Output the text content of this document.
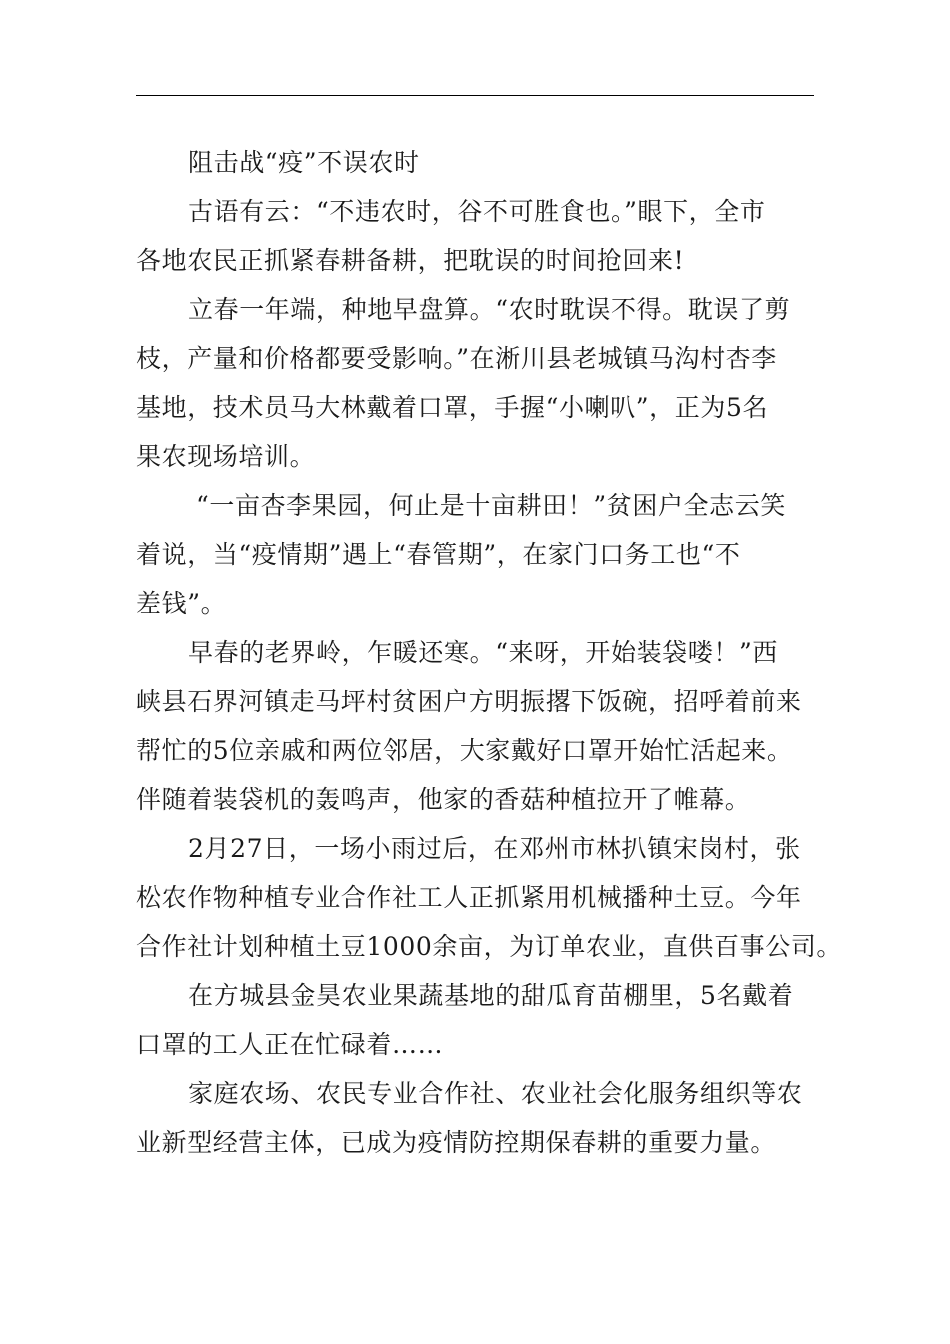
阻击战“疫”不误农时
古语有云：“不违农时，谷不可胜食也。”眼下，全市
各地农民正抓紧春耕备耕，把耽误的时间抢回来!
立春一年端，种地早盘算。“农时耽误不得。耽误了剪
枝，产量和价格都要受影响。”在淅川县老城镇马沟村杏李
基地，技术员马大林戴着口罩，手握“小喇叭”，正为5名
果农现场培训。
“一亩杏李果园，何止是十亩耕田！”贫困户全志云笑
着说，当“疫情期”遇上“春管期”，在家门口务工也“不
差钱”。
早春的老界岭，乍暖还寒。“来呀，开始装袋喽！”西
峡县石界河镇走马坪村贫困户方明振撂下饭碗，招呼着前来
帮忙的5位亲戚和两位邻居，大家戴好口罩开始忙活起来。
伴随着装袋机的轰鸣声，他家的香菇种植拉开了帷幕。
2月27日，一场小雨过后，在邓州市林扒镇宋岗村，张
松农作物种植专业合作社工人正抓紧用机械播种土豆。今年
合作社计划种植土豆1000余亩，为订单农业，直供百事公司。
在方城县金昊农业果蔬基地的甜瓜育苗棚里，5名戴着
口罩的工人正在忙碌着……
家庭农场、农民专业合作社、农业社会化服务组织等农
业新型经营主体，已成为疫情防控期保春耕的重要力量。
